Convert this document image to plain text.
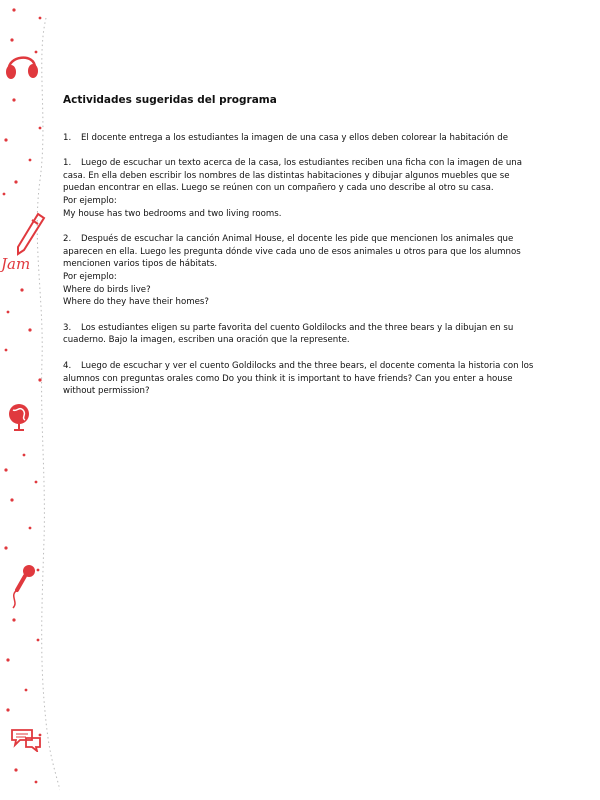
Jam
Actividades sugeridas del programa

1. El docente entrega a los estudiantes la imagen de una casa y ellos deben colorear la habitación de

1. Luego de escuchar un texto acerca de la casa, los estudiantes reciben una ficha con la imagen de una casa. En ella deben escribir los nombres de las distintas habitaciones y dibujar algunos muebles que se puedan encontrar en ellas. Luego se reúnen con un compañero y cada uno describe al otro su casa.

Por ejemplo:

My house has two bedrooms and two living rooms.

2. Después de escuchar la canción Animal House, el docente les pide que mencionen los animales que aparecen en ella. Luego les pregunta dónde vive cada uno de esos animales u otros para que los alumnos mencionen varios tipos de hábitats.

Por ejemplo:

Where do birds live?

Where do they have their homes?

3. Los estudiantes eligen su parte favorita del cuento Goldilocks and the three bears y la dibujan en su cuaderno. Bajo la imagen, escriben una oración que la represente.

4. Luego de escuchar y ver el cuento Goldilocks and the three bears, el docente comenta la historia con los alumnos con preguntas orales como Do you think it is important to have friends? Can you enter a house without permission?
